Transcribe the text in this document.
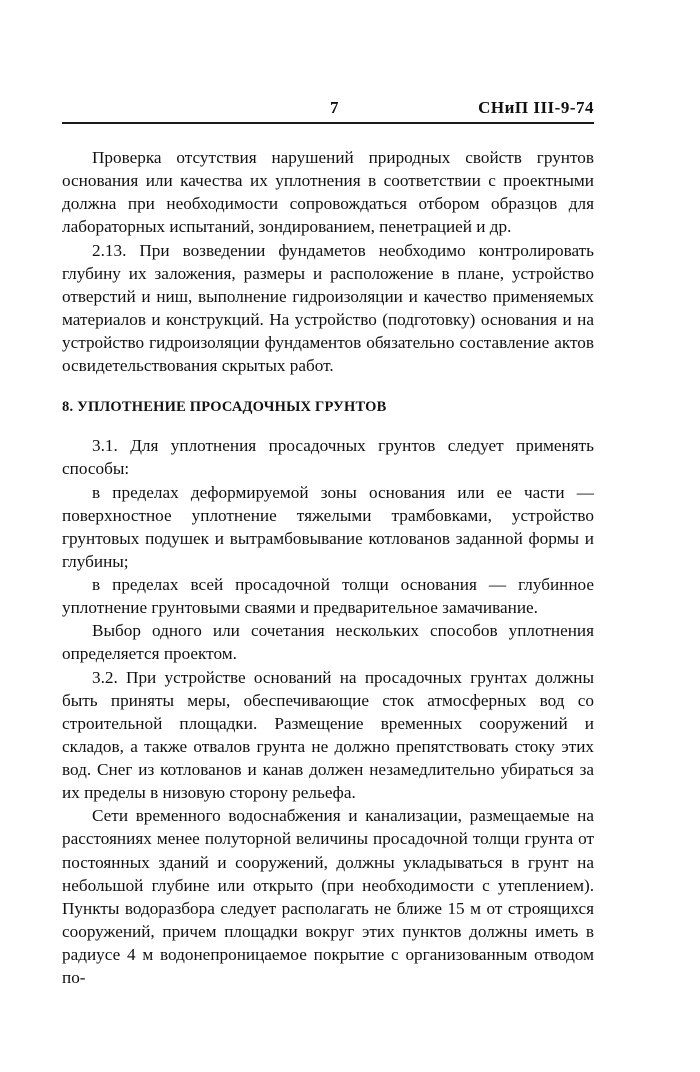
7	СНиП III-9-74

Проверка отсутствия нарушений природных свойств грунтов основания или качества их уплотнения в соответствии с проектными должна при необходимости сопровождаться отбором образцов для лабораторных испытаний, зондированием, пенетрацией и др.

2.13. При возведении фундаметов необходимо контролировать глубину их заложения, размеры и расположение в плане, устройство отверстий и ниш, выполнение гидроизоляции и качество применяемых материалов и конструкций. На устройство (подготовку) основания и на устройство гидроизоляции фундаментов обязательно составление актов освидетельствования скрытых работ.

8. УПЛОТНЕНИЕ ПРОСАДОЧНЫХ ГРУНТОВ

3.1. Для уплотнения просадочных грунтов следует применять способы:

в пределах деформируемой зоны основания или ее части — поверхностное уплотнение тяжелыми трамбовками, устройство грунтовых подушек и вытрамбовывание котлованов заданной формы и глубины;

в пределах всей просадочной толщи основания — глубинное уплотнение грунтовыми сваями и предварительное замачивание.

Выбор одного или сочетания нескольких способов уплотнения определяется проектом.

3.2. При устройстве оснований на просадочных грунтах должны быть приняты меры, обеспечивающие сток атмосферных вод со строительной площадки. Размещение временных сооружений и складов, а также отвалов грунта не должно препятствовать стоку этих вод. Снег из котлованов и канав должен незамедлительно убираться за их пределы в низовую сторону рельефа.

Сети временного водоснабжения и канализации, размещаемые на расстояниях менее полуторной величины просадочной толщи грунта от постоянных зданий и сооружений, должны укладываться в грунт на небольшой глубине или открыто (при необходимости с утеплением). Пункты водоразбора следует располагать не ближе 15 м от строящихся сооружений, причем площадки вокруг этих пунктов должны иметь в радиусе 4 м водонепроницаемое покрытие с организованным отводом по-
